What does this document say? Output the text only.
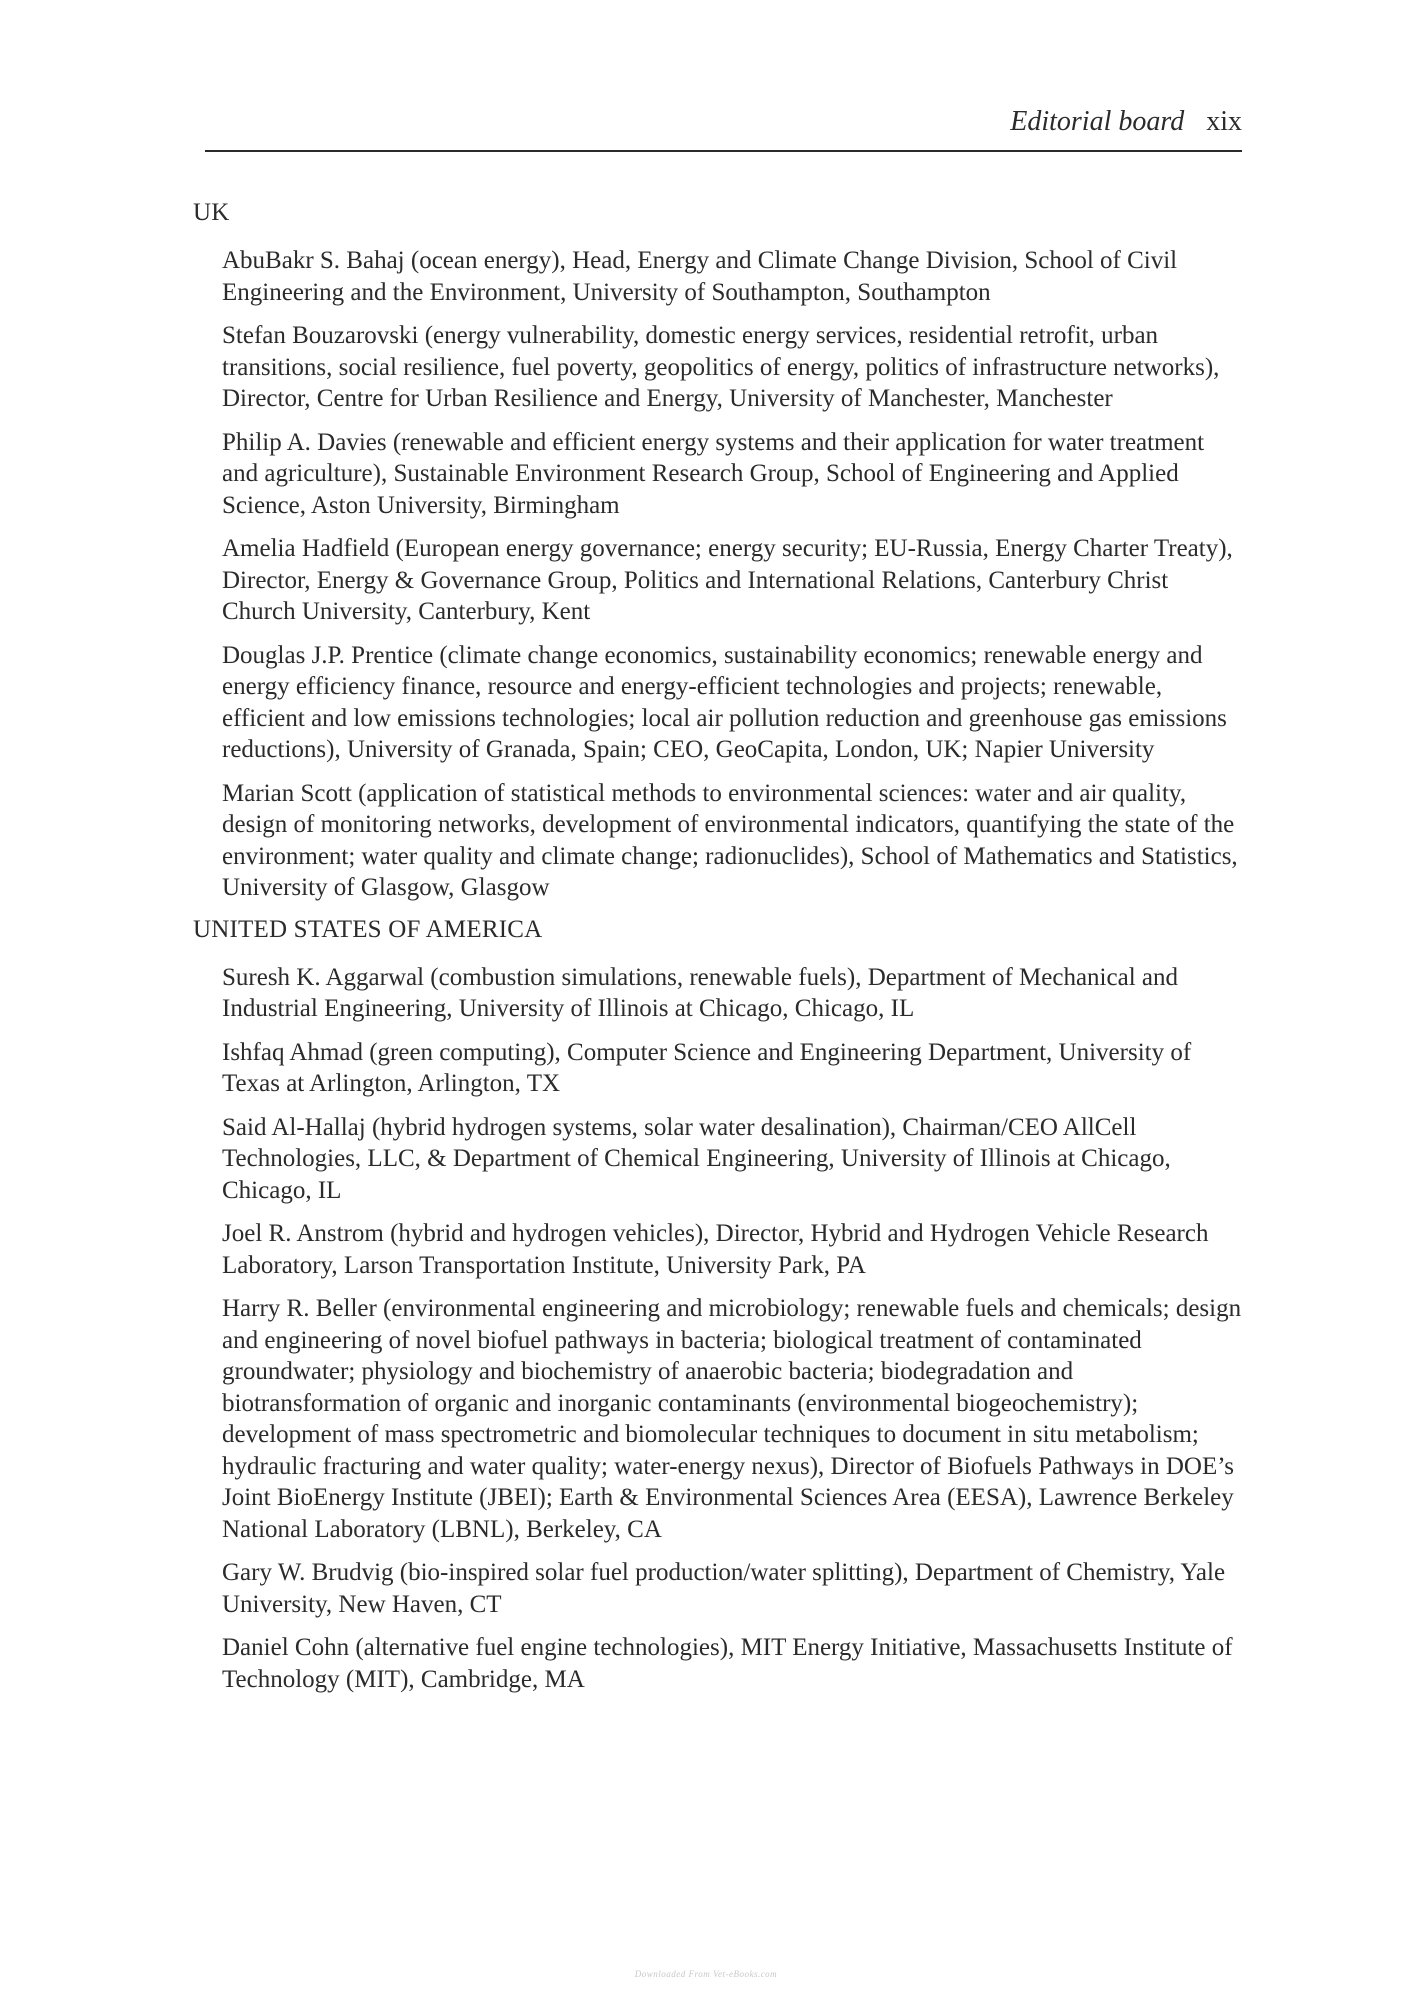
Editorial board xix
UK

AbuBakr S. Bahaj (ocean energy), Head, Energy and Climate Change Division, School of Civil Engineering and the Environment, University of Southampton, Southampton

Stefan Bouzarovski (energy vulnerability, domestic energy services, residential retrofit, urban transitions, social resilience, fuel poverty, geopolitics of energy, politics of infrastructure networks), Director, Centre for Urban Resilience and Energy, University of Manchester, Manchester

Philip A. Davies (renewable and efficient energy systems and their application for water treatment and agriculture), Sustainable Environment Research Group, School of Engineering and Applied Science, Aston University, Birmingham

Amelia Hadfield (European energy governance; energy security; EU-Russia, Energy Charter Treaty), Director, Energy & Governance Group, Politics and International Relations, Canterbury Christ Church University, Canterbury, Kent

Douglas J.P. Prentice (climate change economics, sustainability economics; renewable energy and energy efficiency finance, resource and energy-efficient technologies and projects; renewable, efficient and low emissions technologies; local air pollution reduction and greenhouse gas emissions reductions), University of Granada, Spain; CEO, GeoCapita, London, UK; Napier University

Marian Scott (application of statistical methods to environmental sciences: water and air quality, design of monitoring networks, development of environmental indicators, quantifying the state of the environment; water quality and climate change; radionuclides), School of Mathematics and Statistics, University of Glasgow, Glasgow

UNITED STATES OF AMERICA

Suresh K. Aggarwal (combustion simulations, renewable fuels), Department of Mechanical and Industrial Engineering, University of Illinois at Chicago, Chicago, IL

Ishfaq Ahmad (green computing), Computer Science and Engineering Department, University of Texas at Arlington, Arlington, TX

Said Al-Hallaj (hybrid hydrogen systems, solar water desalination), Chairman/CEO AllCell Technologies, LLC, & Department of Chemical Engineering, University of Illinois at Chicago, Chicago, IL

Joel R. Anstrom (hybrid and hydrogen vehicles), Director, Hybrid and Hydrogen Vehicle Research Laboratory, Larson Transportation Institute, University Park, PA

Harry R. Beller (environmental engineering and microbiology; renewable fuels and chemicals; design and engineering of novel biofuel pathways in bacteria; biological treatment of contaminated groundwater; physiology and biochemistry of anaerobic bacteria; biodegradation and biotransformation of organic and inorganic contaminants (environmental biogeochemistry); development of mass spectrometric and biomolecular techniques to document in situ metabolism; hydraulic fracturing and water quality; water-energy nexus), Director of Biofuels Pathways in DOE’s Joint BioEnergy Institute (JBEI); Earth & Environmental Sciences Area (EESA), Lawrence Berkeley National Laboratory (LBNL), Berkeley, CA

Gary W. Brudvig (bio-inspired solar fuel production/water splitting), Department of Chemistry, Yale University, New Haven, CT

Daniel Cohn (alternative fuel engine technologies), MIT Energy Initiative, Massachusetts Institute of Technology (MIT), Cambridge, MA

Downloaded From Vet-eBooks.com
